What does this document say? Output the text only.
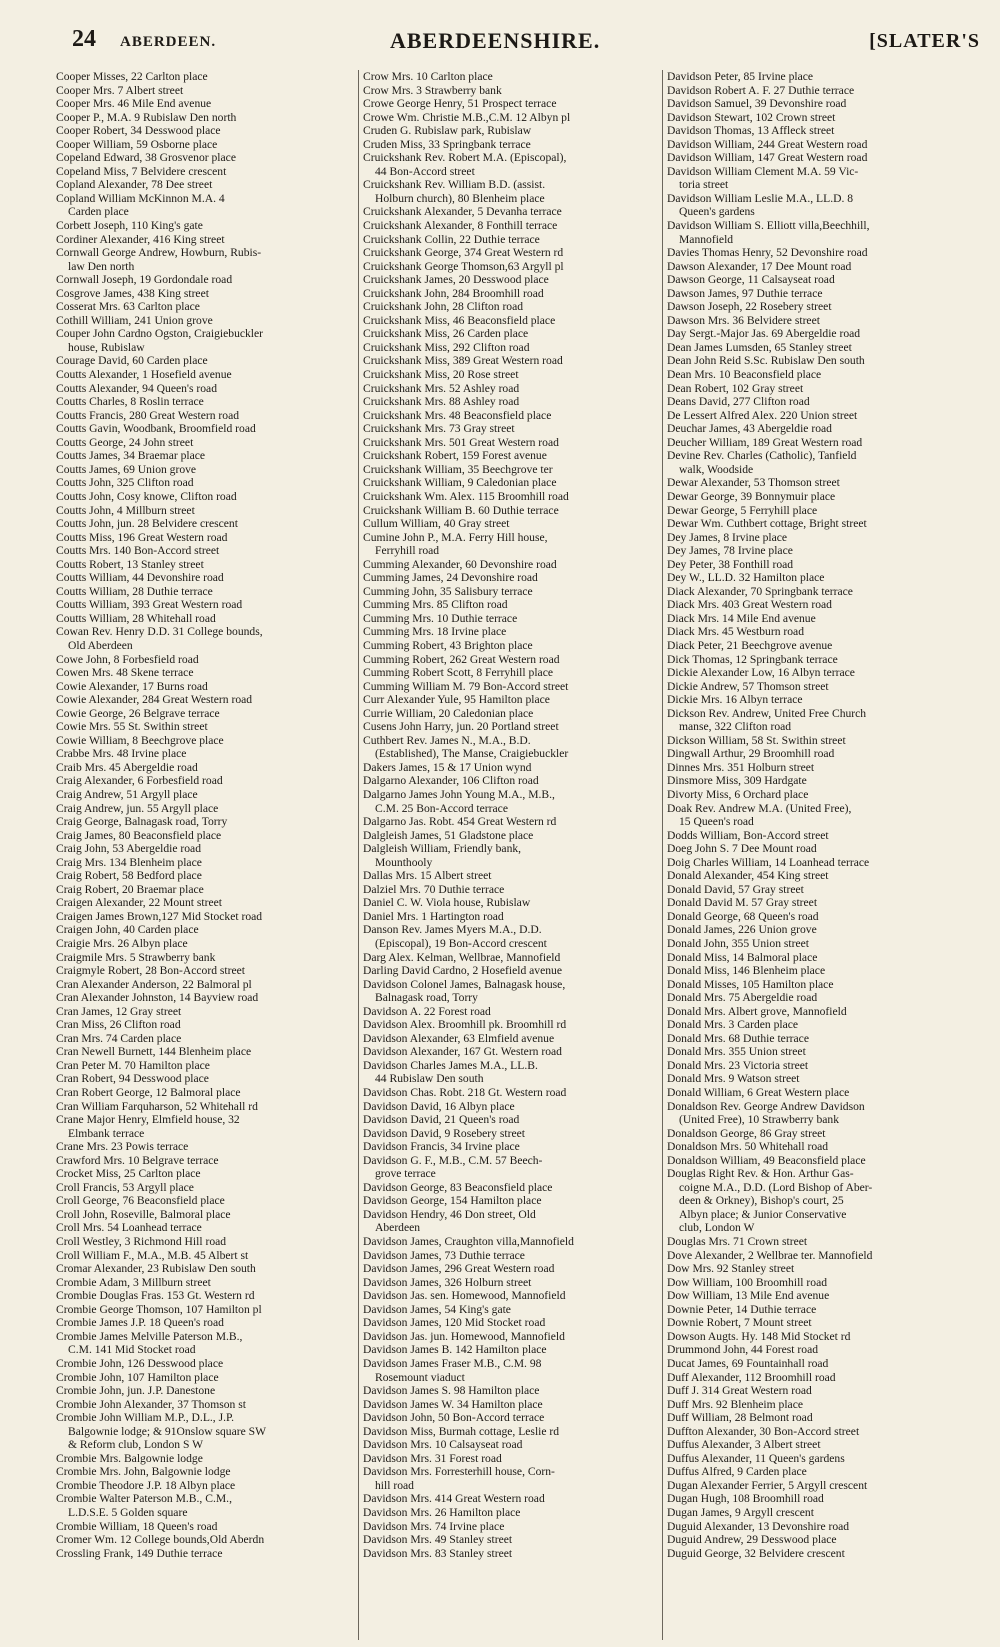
24 ABERDEEN.	ABERDEENSHIRE.	[SLATER'S
Cooper Misses, 22 Carlton place
Cooper Mrs. 7 Albert street
Cooper Mrs. 46 Mile End avenue
Cooper P., M.A. 9 Rubislaw Den north
Cooper Robert, 34 Desswood place
Cooper William, 59 Osborne place
Copeland Edward, 38 Grosvenor place
Copeland Miss, 7 Belvidere crescent
Copland Alexander, 78 Dee street
Copland William McKinnon M.A. 4
Carden place
Corbett Joseph, 110 King's gate
Cordiner Alexander, 416 King street
Cornwall George Andrew, Howburn, Rubis-
law Den north
Cornwall Joseph, 19 Gordondale road
Cosgrove James, 438 King street
Cosserat Mrs. 63 Carlton place
Cothill William, 241 Union grove
Couper John Cardno Ogston, Craigiebuckler
house, Rubislaw
Courage David, 60 Carden place
Coutts Alexander, 1 Hosefield avenue
Coutts Alexander, 94 Queen's road
Coutts Charles, 8 Roslin terrace
Coutts Francis, 280 Great Western road
Coutts Gavin, Woodbank, Broomfield road
Coutts George, 24 John street
Coutts James, 34 Braemar place
Coutts James, 69 Union grove
Coutts John, 325 Clifton road
Coutts John, Cosy knowe, Clifton road
Coutts John, 4 Millburn street
Coutts John, jun. 28 Belvidere crescent
Coutts Miss, 196 Great Western road
Coutts Mrs. 140 Bon-Accord street
Coutts Robert, 13 Stanley street
Coutts William, 44 Devonshire road
Coutts William, 28 Duthie terrace
Coutts William, 393 Great Western road
Coutts William, 28 Whitehall road
Cowan Rev. Henry D.D. 31 College bounds,
Old Aberdeen
Cowe John, 8 Forbesfield road
Cowen Mrs. 48 Skene terrace
Cowie Alexander, 17 Burns road
Cowie Alexander, 284 Great Western road
Cowie George, 26 Belgrave terrace
Cowie Mrs. 55 St. Swithin street
Cowie William, 8 Beechgrove place
Crabbe Mrs. 48 Irvine place
Craib Mrs. 45 Abergeldie road
Craig Alexander, 6 Forbesfield road
Craig Andrew, 51 Argyll place
Craig Andrew, jun. 55 Argyll place
Craig George, Balnagask road, Torry
Craig James, 80 Beaconsfield place
Craig John, 53 Abergeldie road
Craig Mrs. 134 Blenheim place
Craig Robert, 58 Bedford place
Craig Robert, 20 Braemar place
Craigen Alexander, 22 Mount street
Craigen James Brown,127 Mid Stocket road
Craigen John, 40 Carden place
Craigie Mrs. 26 Albyn place
Craigmile Mrs. 5 Strawberry bank
Craigmyle Robert, 28 Bon-Accord street
Cran Alexander Anderson, 22 Balmoral pl
Cran Alexander Johnston, 14 Bayview road
Cran James, 12 Gray street
Cran Miss, 26 Clifton road
Cran Mrs. 74 Carden place
Cran Newell Burnett, 144 Blenheim place
Cran Peter M. 70 Hamilton place
Cran Robert, 94 Desswood place
Cran Robert George, 12 Balmoral place
Cran William Farquharson, 52 Whitehall rd
Crane Major Henry, Elmfield house, 32
Elmbank terrace
Crane Mrs. 23 Powis terrace
Crawford Mrs. 10 Belgrave terrace
Crocket Miss, 25 Carlton place
Croll Francis, 53 Argyll place
Croll George, 76 Beaconsfield place
Croll John, Roseville, Balmoral place
Croll Mrs. 54 Loanhead terrace
Croll Westley, 3 Richmond Hill road
Croll William F., M.A., M.B. 45 Albert st
Cromar Alexander, 23 Rubislaw Den south
Crombie Adam, 3 Millburn street
Crombie Douglas Fras. 153 Gt. Western rd
Crombie George Thomson, 107 Hamilton pl
Crombie James J.P. 18 Queen's road
Crombie James Melville Paterson M.B.,
C.M. 141 Mid Stocket road
Crombie John, 126 Desswood place
Crombie John, 107 Hamilton place
Crombie John, jun. J.P. Danestone
Crombie John Alexander, 37 Thomson st
Crombie John William M.P., D.L., J.P.
Balgownie lodge; & 91Onslow square SW
& Reform club, London S W
Crombie Mrs. Balgownie lodge
Crombie Mrs. John, Balgownie lodge
Crombie Theodore J.P. 18 Albyn place
Crombie Walter Paterson M.B., C.M.,
L.D.S.E. 5 Golden square
Crombie William, 18 Queen's road
Cromer Wm. 12 College bounds,Old Aberdn
Crossling Frank, 149 Duthie terrace
Crow Mrs. 10 Carlton place
Crow Mrs. 3 Strawberry bank
Crowe George Henry, 51 Prospect terrace
Crowe Wm. Christie M.B.,C.M. 12 Albyn pl
Cruden G. Rubislaw park, Rubislaw
Cruden Miss, 33 Springbank terrace
Cruickshank Rev. Robert M.A. (Episcopal),
44 Bon-Accord street
Cruickshank Rev. William B.D. (assist.
Holburn church), 80 Blenheim place
Cruickshank Alexander, 5 Devanha terrace
Cruickshank Alexander, 8 Fonthill terrace
Cruickshank Collin, 22 Duthie terrace
Cruickshank George, 374 Great Western rd
Cruickshank George Thomson,63 Argyll pl
Cruickshank James, 20 Desswood place
Cruickshank John, 284 Broomhill road
Cruickshank John, 28 Clifton road
Cruickshank Miss, 46 Beaconsfield place
Cruickshank Miss, 26 Carden place
Cruickshank Miss, 292 Clifton road
Cruickshank Miss, 389 Great Western road
Cruickshank Miss, 20 Rose street
Cruickshank Mrs. 52 Ashley road
Cruickshank Mrs. 88 Ashley road
Cruickshank Mrs. 48 Beaconsfield place
Cruickshank Mrs. 73 Gray street
Cruickshank Mrs. 501 Great Western road
Cruickshank Robert, 159 Forest avenue
Cruickshank William, 35 Beechgrove ter
Cruickshank William, 9 Caledonian place
Cruickshank Wm. Alex. 115 Broomhill road
Cruickshank William B. 60 Duthie terrace
Cullum William, 40 Gray street
Cumine John P., M.A. Ferry Hill house,
Ferryhill road
Cumming Alexander, 60 Devonshire road
Cumming James, 24 Devonshire road
Cumming John, 35 Salisbury terrace
Cumming Mrs. 85 Clifton road
Cumming Mrs. 10 Duthie terrace
Cumming Mrs. 18 Irvine place
Cumming Robert, 43 Brighton place
Cumming Robert, 262 Great Western road
Cumming Robert Scott, 8 Ferryhill place
Cumming William M. 79 Bon-Accord street
Curr Alexander Yule, 95 Hamilton place
Currie William, 20 Caledonian place
Cusens John Harry, jun. 20 Portland street
Cuthbert Rev. James N., M.A., B.D.
(Established), The Manse, Craigiebuckler
Dakers James, 15 & 17 Union wynd
Dalgarno Alexander, 106 Clifton road
Dalgarno James John Young M.A., M.B.,
C.M. 25 Bon-Accord terrace
Dalgarno Jas. Robt. 454 Great Western rd
Dalgleish James, 51 Gladstone place
Dalgleish William, Friendly bank,
Mounthooly
Dallas Mrs. 15 Albert street
Dalziel Mrs. 70 Duthie terrace
Daniel C. W. Viola house, Rubislaw
Daniel Mrs. 1 Hartington road
Danson Rev. James Myers M.A., D.D.
(Episcopal), 19 Bon-Accord crescent
Darg Alex. Kelman, Wellbrae, Mannofield
Darling David Cardno, 2 Hosefield avenue
Davidson Colonel James, Balnagask house,
Balnagask road, Torry
Davidson A. 22 Forest road
Davidson Alex. Broomhill pk. Broomhill rd
Davidson Alexander, 63 Elmfield avenue
Davidson Alexander, 167 Gt. Western road
Davidson Charles James M.A., LL.B.
44 Rubislaw Den south
Davidson Chas. Robt. 218 Gt. Western road
Davidson David, 16 Albyn place
Davidson David, 21 Queen's road
Davidson David, 9 Rosebery street
Davidson Francis, 34 Irvine place
Davidson G. F., M.B., C.M. 57 Beech-
grove terrace
Davidson George, 83 Beaconsfield place
Davidson George, 154 Hamilton place
Davidson Hendry, 46 Don street, Old
Aberdeen
Davidson James, Craughton villa,Mannofield
Davidson James, 73 Duthie terrace
Davidson James, 296 Great Western road
Davidson James, 326 Holburn street
Davidson Jas. sen. Homewood, Mannofield
Davidson James, 54 King's gate
Davidson James, 120 Mid Stocket road
Davidson Jas. jun. Homewood, Mannofield
Davidson James B. 142 Hamilton place
Davidson James Fraser M.B., C.M. 98
Rosemount viaduct
Davidson James S. 98 Hamilton place
Davidson James W. 34 Hamilton place
Davidson John, 50 Bon-Accord terrace
Davidson Miss, Burmah cottage, Leslie rd
Davidson Mrs. 10 Calsayseat road
Davidson Mrs. 31 Forest road
Davidson Mrs. Forresterhill house, Corn-
hill road
Davidson Mrs. 414 Great Western road
Davidson Mrs. 26 Hamilton place
Davidson Mrs. 74 Irvine place
Davidson Mrs. 49 Stanley street
Davidson Mrs. 83 Stanley street
Davidson Peter, 85 Irvine place
Davidson Robert A. F. 27 Duthie terrace
Davidson Samuel, 39 Devonshire road
Davidson Stewart, 102 Crown street
Davidson Thomas, 13 Affleck street
Davidson William, 244 Great Western road
Davidson William, 147 Great Western road
Davidson William Clement M.A. 59 Vic-
toria street
Davidson William Leslie M.A., LL.D. 8
Queen's gardens
Davidson William S. Elliott villa,Beechhill,
Mannofield
Davies Thomas Henry, 52 Devonshire road
Dawson Alexander, 17 Dee Mount road
Dawson George, 11 Calsayseat road
Dawson James, 97 Duthie terrace
Dawson Joseph, 22 Rosebery street
Dawson Mrs. 36 Belvidere street
Day Sergt.-Major Jas. 69 Abergeldie road
Dean James Lumsden, 65 Stanley street
Dean John Reid S.Sc. Rubislaw Den south
Dean Mrs. 10 Beaconsfield place
Dean Robert, 102 Gray street
Deans David, 277 Clifton road
De Lessert Alfred Alex. 220 Union street
Deuchar James, 43 Abergeldie road
Deucher William, 189 Great Western road
Devine Rev. Charles (Catholic), Tanfield
walk, Woodside
Dewar Alexander, 53 Thomson street
Dewar George, 39 Bonnymuir place
Dewar George, 5 Ferryhill place
Dewar Wm. Cuthbert cottage, Bright street
Dey James, 8 Irvine place
Dey James, 78 Irvine place
Dey Peter, 38 Fonthill road
Dey W., LL.D. 32 Hamilton place
Diack Alexander, 70 Springbank terrace
Diack Mrs. 403 Great Western road
Diack Mrs. 14 Mile End avenue
Diack Mrs. 45 Westburn road
Diack Peter, 21 Beechgrove avenue
Dick Thomas, 12 Springbank terrace
Dickie Alexander Low, 16 Albyn terrace
Dickie Andrew, 57 Thomson street
Dickie Mrs. 16 Albyn terrace
Dickson Rev. Andrew, United Free Church
manse, 322 Clifton road
Dickson William, 58 St. Swithin street
Dingwall Arthur, 29 Broomhill road
Dinnes Mrs. 351 Holburn street
Dinsmore Miss, 309 Hardgate
Divorty Miss, 6 Orchard place
Doak Rev. Andrew M.A. (United Free),
15 Queen's road
Dodds William, Bon-Accord street
Doeg John S. 7 Dee Mount road
Doig Charles William, 14 Loanhead terrace
Donald Alexander, 454 King street
Donald David, 57 Gray street
Donald David M. 57 Gray street
Donald George, 68 Queen's road
Donald James, 226 Union grove
Donald John, 355 Union street
Donald Miss, 14 Balmoral place
Donald Miss, 146 Blenheim place
Donald Misses, 105 Hamilton place
Donald Mrs. 75 Abergeldie road
Donald Mrs. Albert grove, Mannofield
Donald Mrs. 3 Carden place
Donald Mrs. 68 Duthie terrace
Donald Mrs. 355 Union street
Donald Mrs. 23 Victoria street
Donald Mrs. 9 Watson street
Donald William, 6 Great Western place
Donaldson Rev. George Andrew Davidson
(United Free), 10 Strawberry bank
Donaldson George, 86 Gray street
Donaldson Mrs. 50 Whitehall road
Donaldson William, 49 Beaconsfield place
Douglas Right Rev. & Hon. Arthur Gas-
coigne M.A., D.D. (Lord Bishop of Aber-
deen & Orkney), Bishop's court, 25
Albyn place; & Junior Conservative
club, London W
Douglas Mrs. 71 Crown street
Dove Alexander, 2 Wellbrae ter. Mannofield
Dow Mrs. 92 Stanley street
Dow William, 100 Broomhill road
Dow William, 13 Mile End avenue
Downie Peter, 14 Duthie terrace
Downie Robert, 7 Mount street
Dowson Augts. Hy. 148 Mid Stocket rd
Drummond John, 44 Forest road
Ducat James, 69 Fountainhall road
Duff Alexander, 112 Broomhill road
Duff J. 314 Great Western road
Duff Mrs. 92 Blenheim place
Duff William, 28 Belmont road
Duffton Alexander, 30 Bon-Accord street
Duffus Alexander, 3 Albert street
Duffus Alexander, 11 Queen's gardens
Duffus Alfred, 9 Carden place
Dugan Alexander Ferrier, 5 Argyll crescent
Dugan Hugh, 108 Broomhill road
Dugan James, 9 Argyll crescent
Duguid Alexander, 13 Devonshire road
Duguid Andrew, 29 Desswood place
Duguid George, 32 Belvidere crescent
